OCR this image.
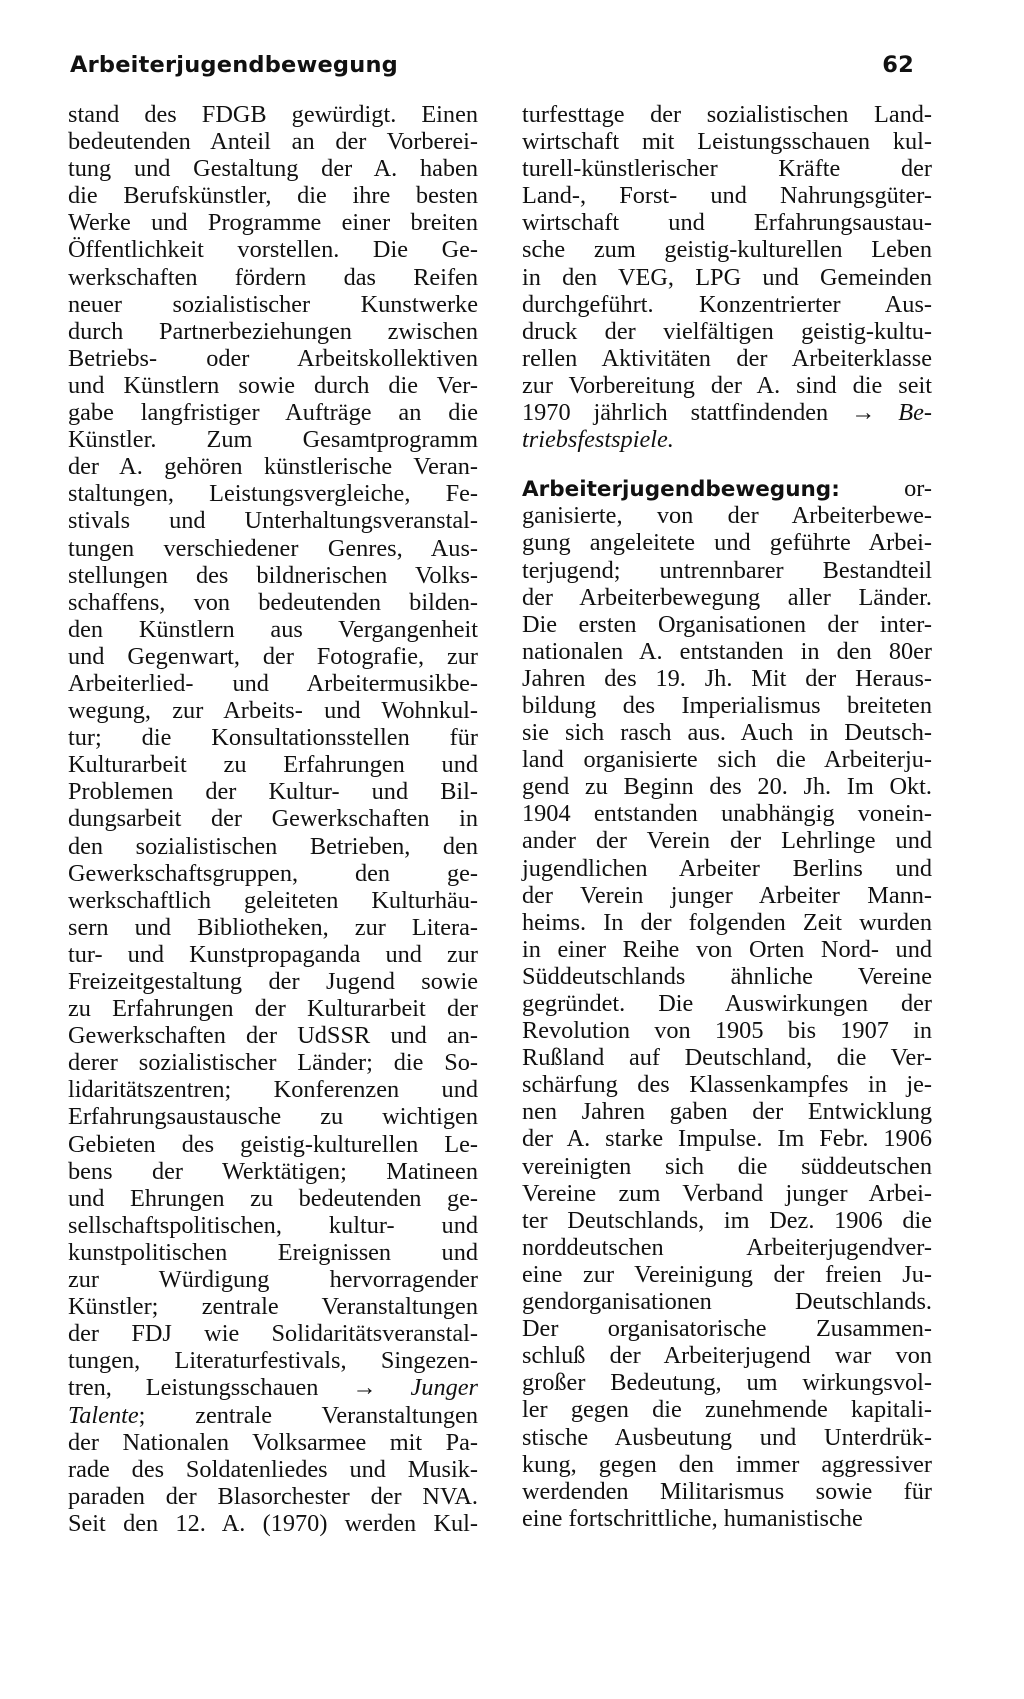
Arbeiterjugendbewegung	62
stand des FDGB gewürdigt. Einen
bedeutenden Anteil an der Vorberei-
tung und Gestaltung der A. haben
die Berufskünstler, die ihre besten
Werke und Programme einer breiten
Öffentlichkeit vorstellen. Die Ge-
werkschaften fördern das Reifen
neuer sozialistischer Kunstwerke
durch Partnerbeziehungen zwischen
Betriebs- oder Arbeitskollektiven
und Künstlern sowie durch die Ver-
gabe langfristiger Aufträge an die
Künstler. Zum Gesamtprogramm
der A. gehören künstlerische Veran-
staltungen, Leistungsvergleiche, Fe-
stivals und Unterhaltungsveranstal-
tungen verschiedener Genres, Aus-
stellungen des bildnerischen Volks-
schaffens, von bedeutenden bilden-
den Künstlern aus Vergangenheit
und Gegenwart, der Fotografie, zur
Arbeiterlied- und Arbeitermusikbe-
wegung, zur Arbeits- und Wohnkul-
tur; die Konsultationsstellen für
Kulturarbeit zu Erfahrungen und
Problemen der Kultur- und Bil-
dungsarbeit der Gewerkschaften in
den sozialistischen Betrieben, den
Gewerkschaftsgruppen, den ge-
werkschaftlich geleiteten Kulturhäu-
sern und Bibliotheken, zur Litera-
tur- und Kunstpropaganda und zur
Freizeitgestaltung der Jugend sowie
zu Erfahrungen der Kulturarbeit der
Gewerkschaften der UdSSR und an-
derer sozialistischer Länder; die So-
lidaritätszentren; Konferenzen und
Erfahrungsaustausche zu wichtigen
Gebieten des geistig-kulturellen Le-
bens der Werktätigen; Matineen
und Ehrungen zu bedeutenden ge-
sellschaftspolitischen, kultur- und
kunstpolitischen Ereignissen und
zur Würdigung hervorragender
Künstler; zentrale Veranstaltungen
der FDJ wie Solidaritätsveranstal-
tungen, Literaturfestivals, Singezen-
tren, Leistungsschauen → Junger
Talente; zentrale Veranstaltungen
der Nationalen Volksarmee mit Pa-
rade des Soldatenliedes und Musik-
paraden der Blasorchester der NVA.
Seit den 12. A. (1970) werden Kul-
turfesttage der sozialistischen Land-
wirtschaft mit Leistungsschauen kul-
turell-künstlerischer Kräfte der
Land-, Forst- und Nahrungsgüter-
wirtschaft und Erfahrungsaustau-
sche zum geistig-kulturellen Leben
in den VEG, LPG und Gemeinden
durchgeführt. Konzentrierter Aus-
druck der vielfältigen geistig-kultu-
rellen Aktivitäten der Arbeiterklasse
zur Vorbereitung der A. sind die seit
1970 jährlich stattfindenden → Be-
triebsfestspiele.
Arbeiterjugendbewegung:	or-
ganisierte, von der Arbeiterbewe-
gung angeleitete und geführte Arbei-
terjugend; untrennbarer Bestandteil
der Arbeiterbewegung aller Länder.
Die ersten Organisationen der inter-
nationalen A. entstanden in den 80er
Jahren des 19. Jh. Mit der Heraus-
bildung des Imperialismus breiteten
sie sich rasch aus. Auch in Deutsch-
land organisierte sich die Arbeiterju-
gend zu Beginn des 20. Jh. Im Okt.
1904 entstanden unabhängig vonein-
ander der Verein der Lehrlinge und
jugendlichen Arbeiter Berlins und
der Verein junger Arbeiter Mann-
heims. In der folgenden Zeit wurden
in einer Reihe von Orten Nord- und
Süddeutschlands ähnliche Vereine
gegründet. Die Auswirkungen der
Revolution von 1905 bis 1907 in
Rußland auf Deutschland, die Ver-
schärfung des Klassenkampfes in je-
nen Jahren gaben der Entwicklung
der A. starke Impulse. Im Febr. 1906
vereinigten sich die süddeutschen
Vereine zum Verband junger Arbei-
ter Deutschlands, im Dez. 1906 die
norddeutschen Arbeiterjugendver-
eine zur Vereinigung der freien Ju-
gendorganisationen Deutschlands.
Der organisatorische Zusammen-
schluß der Arbeiterjugend war von
großer Bedeutung, um wirkungsvol-
ler gegen die zunehmende kapitali-
stische Ausbeutung und Unterdrük-
kung, gegen den immer aggressiver
werdenden Militarismus sowie für
eine fortschrittliche, humanistische
